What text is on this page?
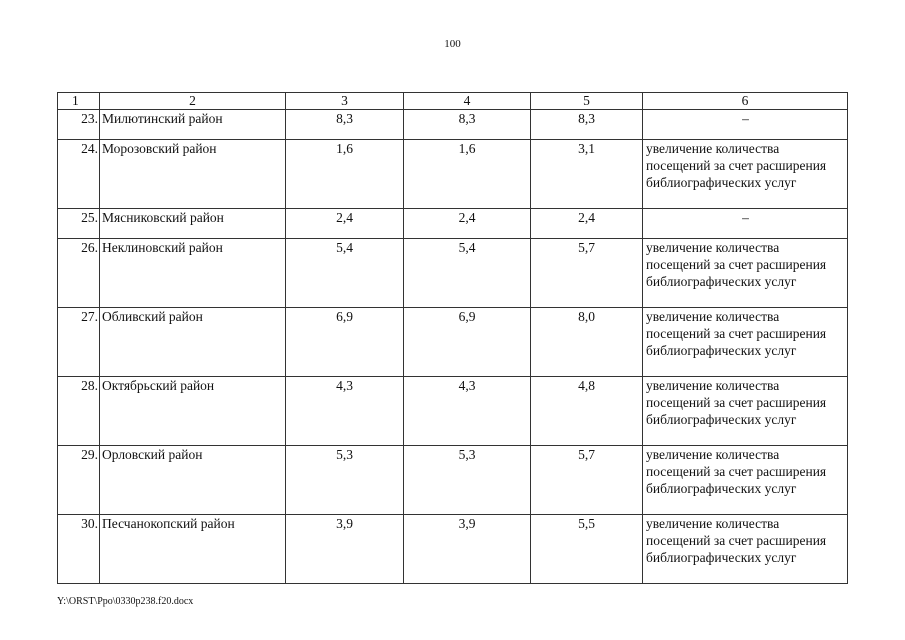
100
1	2	3	4	5	6
23.	Милютинский район	8,3	8,3	8,3	–
24.	Морозовский район	1,6	1,6	3,1	увеличение количества посещений за счет расширения библиографических услуг
25.	Мясниковский район	2,4	2,4	2,4	–
26.	Неклиновский район	5,4	5,4	5,7	увеличение количества посещений за счет расширения библиографических услуг
27.	Обливский район	6,9	6,9	8,0	увеличение количества посещений за счет расширения библиографических услуг
28.	Октябрьский район	4,3	4,3	4,8	увеличение количества посещений за счет расширения библиографических услуг
29.	Орловский район	5,3	5,3	5,7	увеличение количества посещений за счет расширения библиографических услуг
30.	Песчанокопский район	3,9	3,9	5,5	увеличение количества посещений за счет расширения библиографических услуг
Y:\ORST\Ppo\0330p238.f20.docx
